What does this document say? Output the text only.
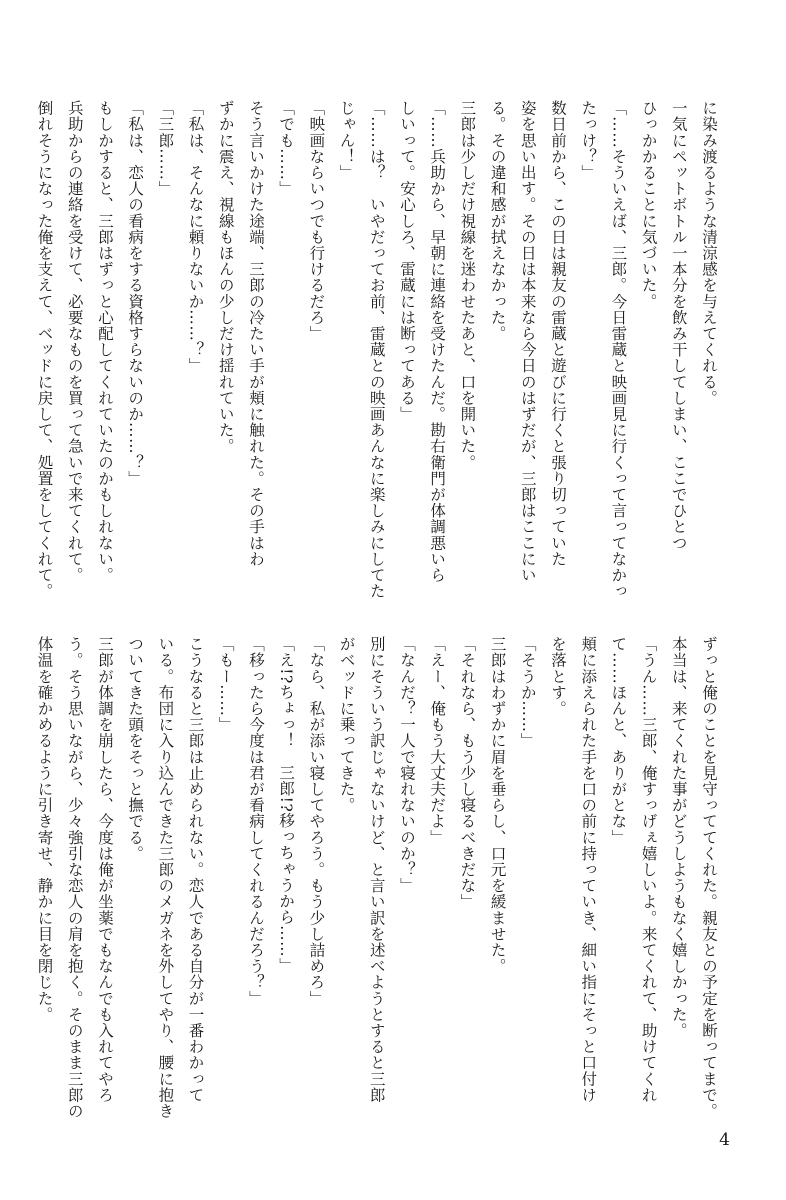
に染み渡るような清涼感を与えてくれる。
一気にペットボトル一本分を飲み干してしまい、ここでひとつ
ひっかかることに気づいた。
「……そういえば、三郎。今日雷蔵と映画見に行くって言ってなかっ
たっけ？」
数日前から、この日は親友の雷蔵と遊びに行くと張り切っていた
姿を思い出す。その日は本来なら今日のはずだが、三郎はここにい
る。その違和感が拭えなかった。
三郎は少しだけ視線を迷わせたあと、口を開いた。
「……兵助から、早朝に連絡を受けたんだ。勘右衛門が体調悪いら
しいって。安心しろ、雷蔵には断ってある」
「……は？　いやだってお前、雷蔵との映画あんなに楽しみにしてた
じゃん！」
「映画ならいつでも行けるだろ」
「でも……」
そう言いかけた途端、三郎の冷たい手が頬に触れた。その手はわ
ずかに震え、視線もほんの少しだけ揺れていた。
「私は、そんなに頼りないか……？」
「三郎……」
「私は、恋人の看病をする資格すらないのか……？」
もしかすると、三郎はずっと心配してくれていたのかもしれない。
兵助からの連絡を受けて、必要なものを買って急いで来てくれて。
倒れそうになった俺を支えて、ベッドに戻して、処置をしてくれて。
ずっと俺のことを見守っててくれた。親友との予定を断ってまで。
本当は、来てくれた事がどうしようもなく嬉しかった。
「うん……三郎、俺すっげぇ嬉しいよ。来てくれて、助けてくれ
て……ほんと、ありがとな」
頬に添えられた手を口の前に持っていき、細い指にそっと口付け
を落とす。
「そうか……」
三郎はわずかに眉を垂らし、口元を緩ませた。
「それなら、もう少し寝るべきだな」
「えー、俺もう大丈夫だよ」
「なんだ？一人で寝れないのか？」
別にそういう訳じゃないけど、と言い訳を述べようとすると三郎
がベッドに乗ってきた。
「なら、私が添い寝してやろう。もう少し詰めろ」
「え!?ちょっ！　三郎!?移っちゃうから……」
「移ったら今度は君が看病してくれるんだろう？」
「もー……」
こうなると三郎は止められない。恋人である自分が一番わかって
いる。布団に入り込んできた三郎のメガネを外してやり、腰に抱き
ついてきた頭をそっと撫でる。
三郎が体調を崩したら、今度は俺が坐薬でもなんでも入れてやろ
う。そう思いながら、少々強引な恋人の肩を抱く。そのまま三郎の
体温を確かめるように引き寄せ、静かに目を閉じた。
4
